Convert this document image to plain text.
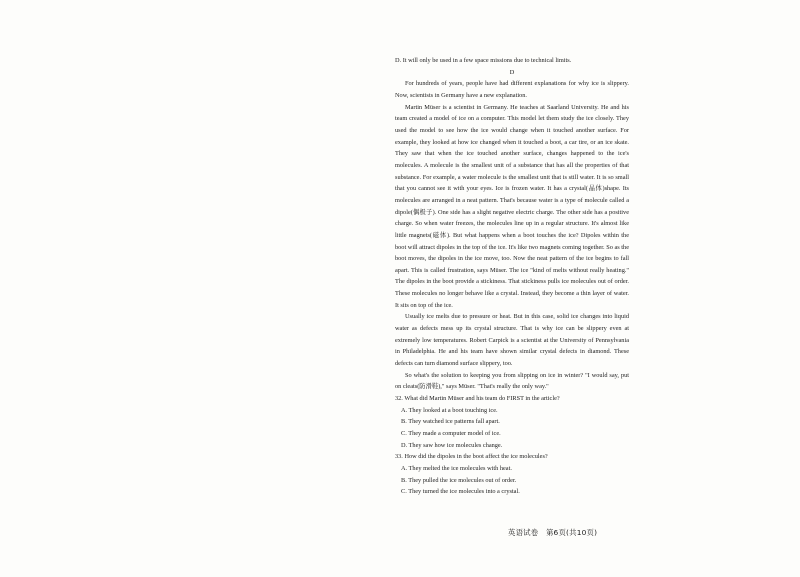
D. It will only be used in a few space missions due to technical limits.

D

For hundreds of years, people have had different explanations for why ice is slippery. Now, scientists in Germany have a new explanation.

Martin Müser is a scientist in Germany. He teaches at Saarland University. He and his team created a model of ice on a computer. This model let them study the ice closely. They used the model to see how the ice would change when it touched another surface. For example, they looked at how ice changed when it touched a boot, a car tire, or an ice skate. They saw that when the ice touched another surface, changes happened to the ice's molecules. A molecule is the smallest unit of a substance that has all the properties of that substance. For example, a water molecule is the smallest unit that is still water. It is so small that you cannot see it with your eyes. Ice is frozen water. It has a crystal(晶体)shape. Its molecules are arranged in a neat pattern. That's because water is a type of molecule called a dipole(偶极子). One side has a slight negative electric charge. The other side has a positive charge. So when water freezes, the molecules line up in a regular structure. It's almost like little magnets(磁体). But what happens when a boot touches the ice? Dipoles within the boot will attract dipoles in the top of the ice. It's like two magnets coming together. So as the boot moves, the dipoles in the ice move, too. Now the neat pattern of the ice begins to fall apart. This is called frustration, says Müser. The ice "kind of melts without really heating." The dipoles in the boot provide a stickiness. That stickiness pulls ice molecules out of order. These molecules no longer behave like a crystal. Instead, they become a thin layer of water. It sits on top of the ice.

Usually ice melts due to pressure or heat. But in this case, solid ice changes into liquid water as defects mess up its crystal structure. That is why ice can be slippery even at extremely low temperatures. Robert Carpick is a scientist at the University of Pennsylvania in Philadelphia. He and his team have shown similar crystal defects in diamond. These defects can turn diamond surface slippery, too.

So what's the solution to keeping you from slipping on ice in winter? "I would say, put on cleats(防滑鞋)," says Müser. "That's really the only way."

32. What did Martin Müser and his team do FIRST in the article?

A. They looked at a boot touching ice.

B. They watched ice patterns fall apart.

C. They made a computer model of ice.

D. They saw how ice molecules change.

33. How did the dipoles in the boot affect the ice molecules?

A. They melted the ice molecules with heat.

B. They pulled the ice molecules out of order.

C. They turned the ice molecules into a crystal.

英语试卷　第6页(共10页)
